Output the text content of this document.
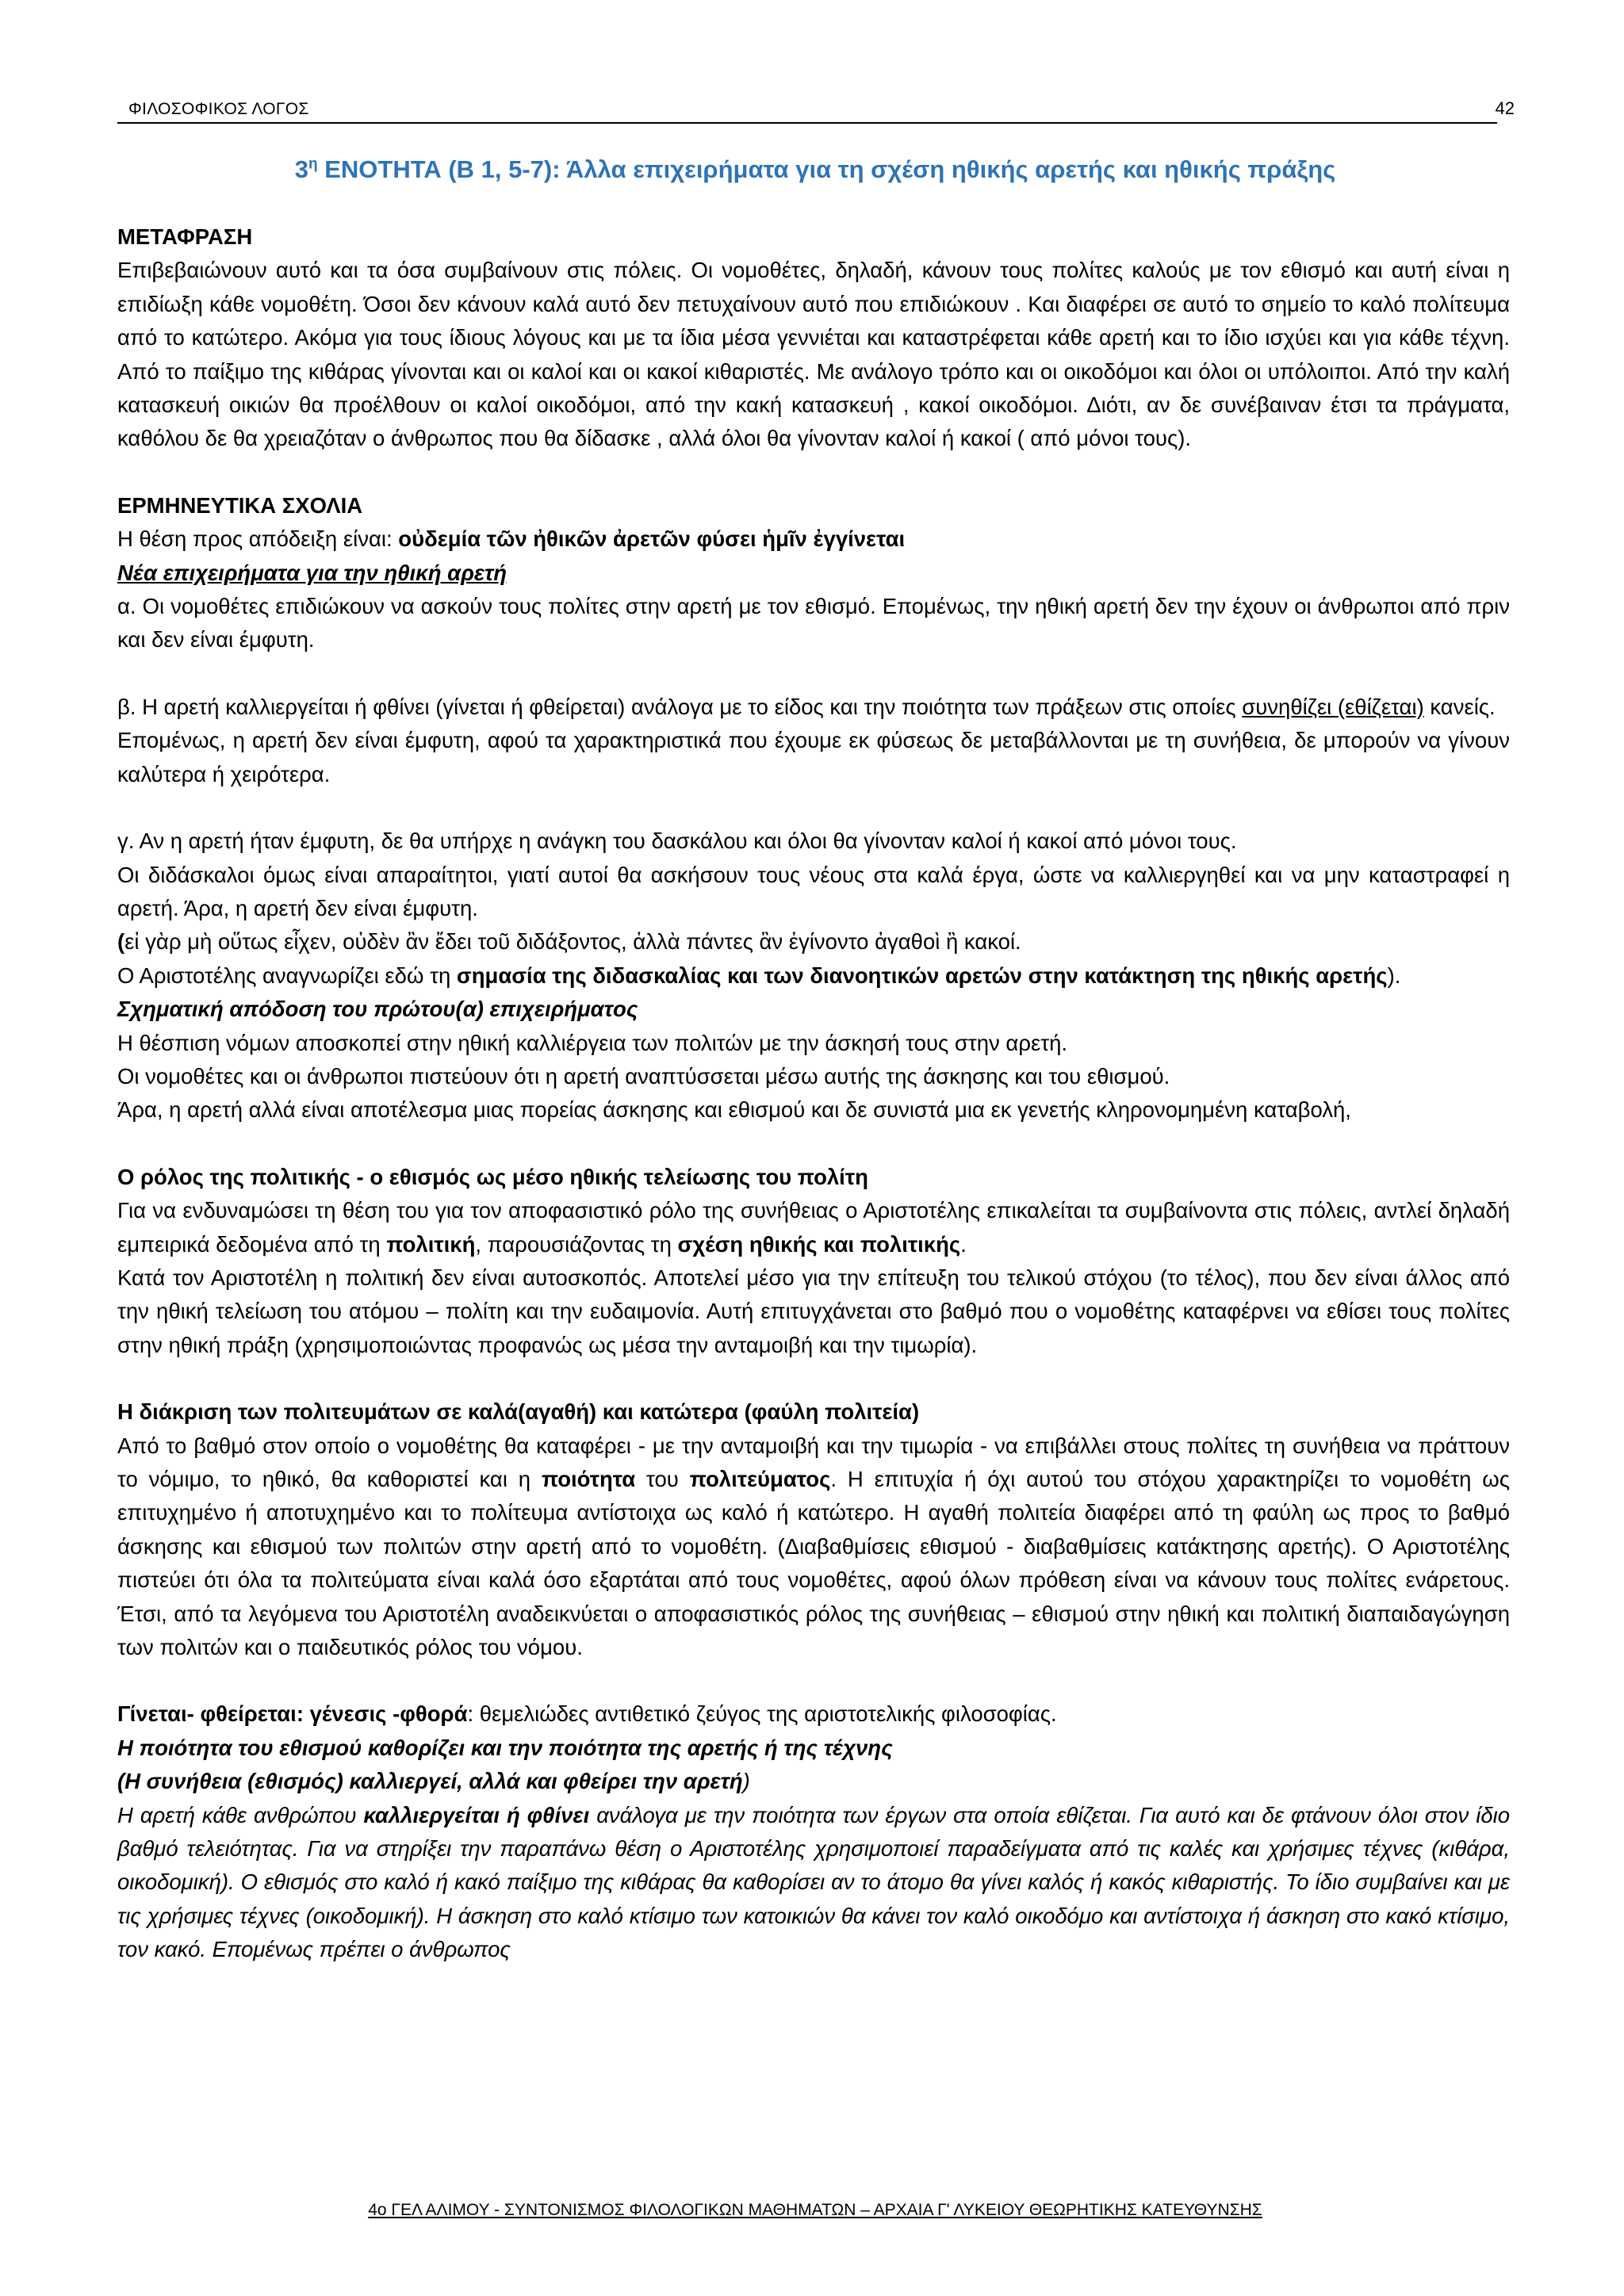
ΦΙΛΟΣΟΦΙΚΟΣ ΛΟΓΟΣ	42
$3^\eta$ ΕΝΟΤΗΤΑ (Β 1, 5-7): Άλλα επιχειρήματα για τη σχέση ηθικής αρετής και ηθικής πράξης

ΜΕΤΑΦΡΑΣΗ

Επιβεβαιώνουν αυτό και τα όσα συμβαίνουν στις πόλεις. Οι νομοθέτες, δηλαδή, κάνουν τους πολίτες καλούς με τον εθισμό και αυτή είναι η επιδίωξη κάθε νομοθέτη. Όσοι δεν κάνουν καλά αυτό δεν πετυχαίνουν αυτό που επιδιώκουν . Και διαφέρει σε αυτό το σημείο το καλό πολίτευμα από το κατώτερο. Ακόμα για τους ίδιους λόγους και με τα ίδια μέσα γεννιέται και καταστρέφεται κάθε αρετή και το ίδιο ισχύει και για κάθε τέχνη. Από το παίξιμο της κιθάρας γίνονται και οι καλοί και οι κακοί κιθαριστές. Με ανάλογο τρόπο και οι οικοδόμοι και όλοι οι υπόλοιποι. Από την καλή κατασκευή οικιών θα προέλθουν οι καλοί οικοδόμοι, από την κακή κατασκευή , κακοί οικοδόμοι. Διότι, αν δε συνέβαιναν έτσι τα πράγματα, καθόλου δε θα χρειαζόταν ο άνθρωπος που θα δίδασκε , αλλά όλοι θα γίνονταν καλοί ή κακοί ( από μόνοι τους).

ΕΡΜΗΝΕΥΤΙΚΑ ΣΧΟΛΙΑ

Η θέση προς απόδειξη είναι: οὐδεμία τῶν ἠθικῶν ἀρετῶν φύσει ἡμῖν ἐγγίνεται

Νέα επιχειρήματα για την ηθική αρετή

α. Οι νομοθέτες επιδιώκουν να ασκούν τους πολίτες στην αρετή με τον εθισμό. Επομένως, την ηθική αρετή δεν την έχουν οι άνθρωποι από πριν και δεν είναι έμφυτη.

β. Η αρετή καλλιεργείται ή φθίνει (γίνεται ή φθείρεται) ανάλογα με το είδος και την ποιότητα των πράξεων στις οποίες συνηθίζει (εθίζεται) κανείς.

Επομένως, η αρετή δεν είναι έμφυτη, αφού τα χαρακτηριστικά που έχουμε εκ φύσεως δε μεταβάλλονται με τη συνήθεια, δε μπορούν να γίνουν καλύτερα ή χειρότερα.

γ. Αν η αρετή ήταν έμφυτη, δε θα υπήρχε η ανάγκη του δασκάλου και όλοι θα γίνονταν καλοί ή κακοί από μόνοι τους.

Οι διδάσκαλοι όμως είναι απαραίτητοι, γιατί αυτοί θα ασκήσουν τους νέους στα καλά έργα, ώστε να καλλιεργηθεί και να μην καταστραφεί η αρετή. Άρα, η αρετή δεν είναι έμφυτη.

(εἰ γὰρ μὴ οὕτως εἶχεν, οὐδὲν ἂν ἔδει τοῦ διδάξοντος, ἀλλὰ πάντες ἂν ἐγίνοντο ἀγαθοὶ ἢ κακοί.

Ο Αριστοτέλης αναγνωρίζει εδώ τη σημασία της διδασκαλίας και των διανοητικών αρετών στην κατάκτηση της ηθικής αρετής).

Σχηματική απόδοση του πρώτου(α) επιχειρήματος

Η θέσπιση νόμων αποσκοπεί στην ηθική καλλιέργεια των πολιτών με την άσκησή τους στην αρετή.

Οι νομοθέτες και οι άνθρωποι πιστεύουν ότι η αρετή αναπτύσσεται μέσω αυτής της άσκησης και του εθισμού.

Άρα, η αρετή αλλά είναι αποτέλεσμα μιας πορείας άσκησης και εθισμού και δε συνιστά μια εκ γενετής κληρονομημένη καταβολή,

Ο ρόλος της πολιτικής - ο εθισμός ως μέσο ηθικής τελείωσης του πολίτη

Για να ενδυναμώσει τη θέση του για τον αποφασιστικό ρόλο της συνήθειας ο Αριστοτέλης επικαλείται τα συμβαίνοντα στις πόλεις, αντλεί δηλαδή εμπειρικά δεδομένα από τη πολιτική, παρουσιάζοντας τη σχέση ηθικής και πολιτικής.

Κατά τον Αριστοτέλη η πολιτική δεν είναι αυτοσκοπός. Αποτελεί μέσο για την επίτευξη του τελικού στόχου (το τέλος), που δεν είναι άλλος από την ηθική τελείωση του ατόμου – πολίτη και την ευδαιμονία. Αυτή επιτυγχάνεται στο βαθμό που ο νομοθέτης καταφέρνει να εθίσει τους πολίτες στην ηθική πράξη (χρησιμοποιώντας προφανώς ως μέσα την ανταμοιβή και την τιμωρία).

Η διάκριση των πολιτευμάτων σε καλά(αγαθή) και κατώτερα (φαύλη πολιτεία)

Από το βαθμό στον οποίο ο νομοθέτης θα καταφέρει - με την ανταμοιβή και την τιμωρία - να επιβάλλει στους πολίτες τη συνήθεια να πράττουν το νόμιμο, το ηθικό, θα καθοριστεί και η ποιότητα του πολιτεύματος. Η επιτυχία ή όχι αυτού του στόχου χαρακτηρίζει το νομοθέτη ως επιτυχημένο ή αποτυχημένο και το πολίτευμα αντίστοιχα ως καλό ή κατώτερο. Η αγαθή πολιτεία διαφέρει από τη φαύλη ως προς το βαθμό άσκησης και εθισμού των πολιτών στην αρετή από το νομοθέτη. (Διαβαθμίσεις εθισμού - διαβαθμίσεις κατάκτησης αρετής). Ο Αριστοτέλης πιστεύει ότι όλα τα πολιτεύματα είναι καλά όσο εξαρτάται από τους νομοθέτες, αφού όλων πρόθεση είναι να κάνουν τους πολίτες ενάρετους. Έτσι, από τα λεγόμενα του Αριστοτέλη αναδεικνύεται ο αποφασιστικός ρόλος της συνήθειας – εθισμού στην ηθική και πολιτική διαπαιδαγώγηση των πολιτών και ο παιδευτικός ρόλος του νόμου.

Γίνεται- φθείρεται: γένεσις -φθορά: θεμελιώδες αντιθετικό ζεύγος της αριστοτελικής φιλοσοφίας.

Η ποιότητα του εθισμού καθορίζει και την ποιότητα της αρετής ή της τέχνης

(Η συνήθεια (εθισμός) καλλιεργεί, αλλά και φθείρει την αρετή)

Η αρετή κάθε ανθρώπου καλλιεργείται ή φθίνει ανάλογα με την ποιότητα των έργων στα οποία εθίζεται. Για αυτό και δε φτάνουν όλοι στον ίδιο βαθμό τελειότητας. Για να στηρίξει την παραπάνω θέση ο Αριστοτέλης χρησιμοποιεί παραδείγματα από τις καλές και χρήσιμες τέχνες (κιθάρα, οικοδομική). Ο εθισμός στο καλό ή κακό παίξιμο της κιθάρας θα καθορίσει αν το άτομο θα γίνει καλός ή κακός κιθαριστής. Το ίδιο συμβαίνει και με τις χρήσιμες τέχνες (οικοδομική). Η άσκηση στο καλό κτίσιμο των κατοικιών θα κάνει τον καλό οικοδόμο και αντίστοιχα ή άσκηση στο κακό κτίσιμο, τον κακό. Επομένως πρέπει ο άνθρωπος

4ο ΓΕΛ ΑΛΙΜΟΥ - ΣΥΝΤΟΝΙΣΜΟΣ ΦΙΛΟΛΟΓΙΚΩΝ ΜΑΘΗΜΑΤΩΝ – ΑΡΧΑΙΑ Γ' ΛΥΚΕΙΟΥ ΘΕΩΡΗΤΙΚΗΣ ΚΑΤΕΥΘΥΝΣΗΣ
